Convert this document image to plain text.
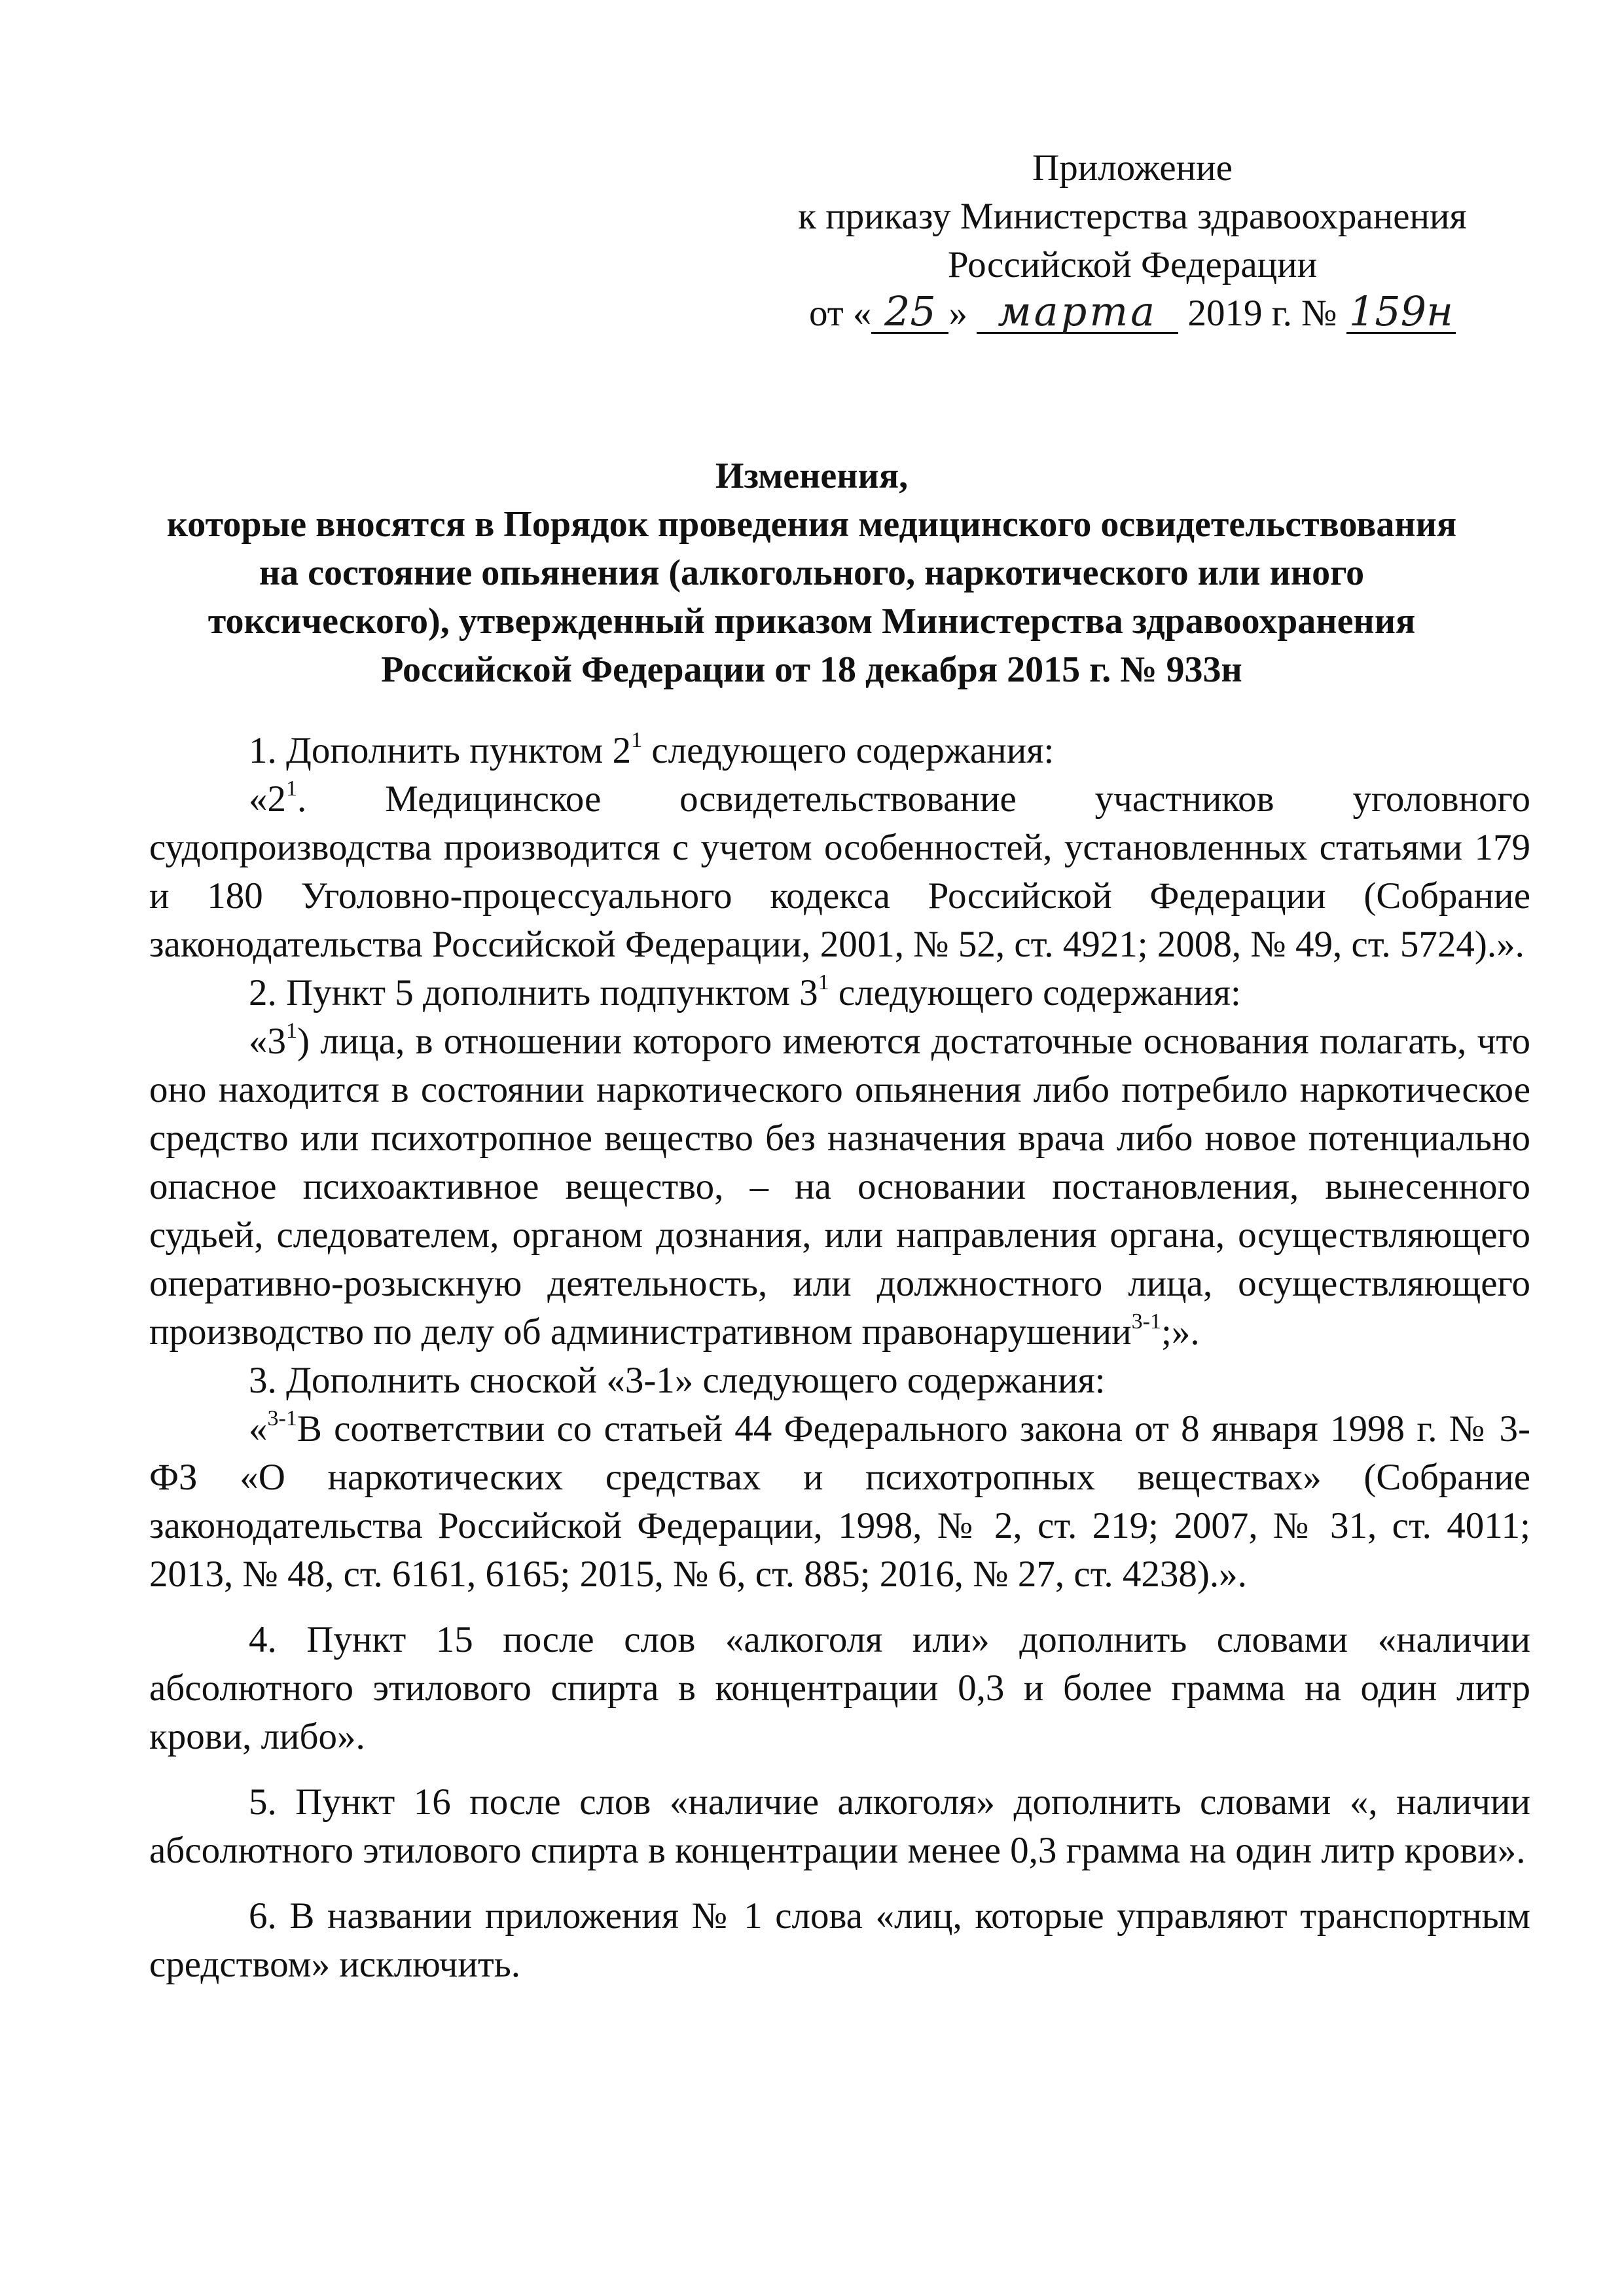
Приложение
к приказу Министерства здравоохранения
Российской Федерации
от « 25 » марта 2019 г. № 159н
Изменения,
которые вносятся в Порядок проведения медицинского освидетельствования
на состояние опьянения (алкогольного, наркотического или иного
токсического), утвержденный приказом Министерства здравоохранения
Российской Федерации от 18 декабря 2015 г. № 933н

1. Дополнить пунктом $2^1$ следующего содержания:

«$2^1$. Медицинское освидетельствование участников уголовного судопроизводства производится с учетом особенностей, установленных статьями 179 и 180 Уголовно-процессуального кодекса Российской Федерации (Собрание законодательства Российской Федерации, 2001, № 52, ст. 4921; 2008, № 49, ст. 5724).».

2. Пункт 5 дополнить подпунктом $3^1$ следующего содержания:

«$3^1$) лица, в отношении которого имеются достаточные основания полагать, что оно находится в состоянии наркотического опьянения либо потребило наркотическое средство или психотропное вещество без назначения врача либо новое потенциально опасное психоактивное вещество, – на основании постановления, вынесенного судьей, следователем, органом дознания, или направления органа, осуществляющего оперативно-розыскную деятельность, или должностного лица, осуществляющего производство по делу об административном правонарушении$^{3-1}$;».

3. Дополнить сноской «3-1» следующего содержания:

«$^{3-1}$В соответствии со статьей 44 Федерального закона от 8 января 1998 г. № 3-ФЗ «О наркотических средствах и психотропных веществах» (Собрание законодательства Российской Федерации, 1998, № 2, ст. 219; 2007, № 31, ст. 4011; 2013, № 48, ст. 6161, 6165; 2015, № 6, ст. 885; 2016, № 27, ст. 4238).».

4. Пункт 15 после слов «алкоголя или» дополнить словами «наличии абсолютного этилового спирта в концентрации 0,3 и более грамма на один литр крови, либо».

5. Пункт 16 после слов «наличие алкоголя» дополнить словами «, наличии абсолютного этилового спирта в концентрации менее 0,3 грамма на один литр крови».

6. В названии приложения № 1 слова «лиц, которые управляют транспортным средством» исключить.
